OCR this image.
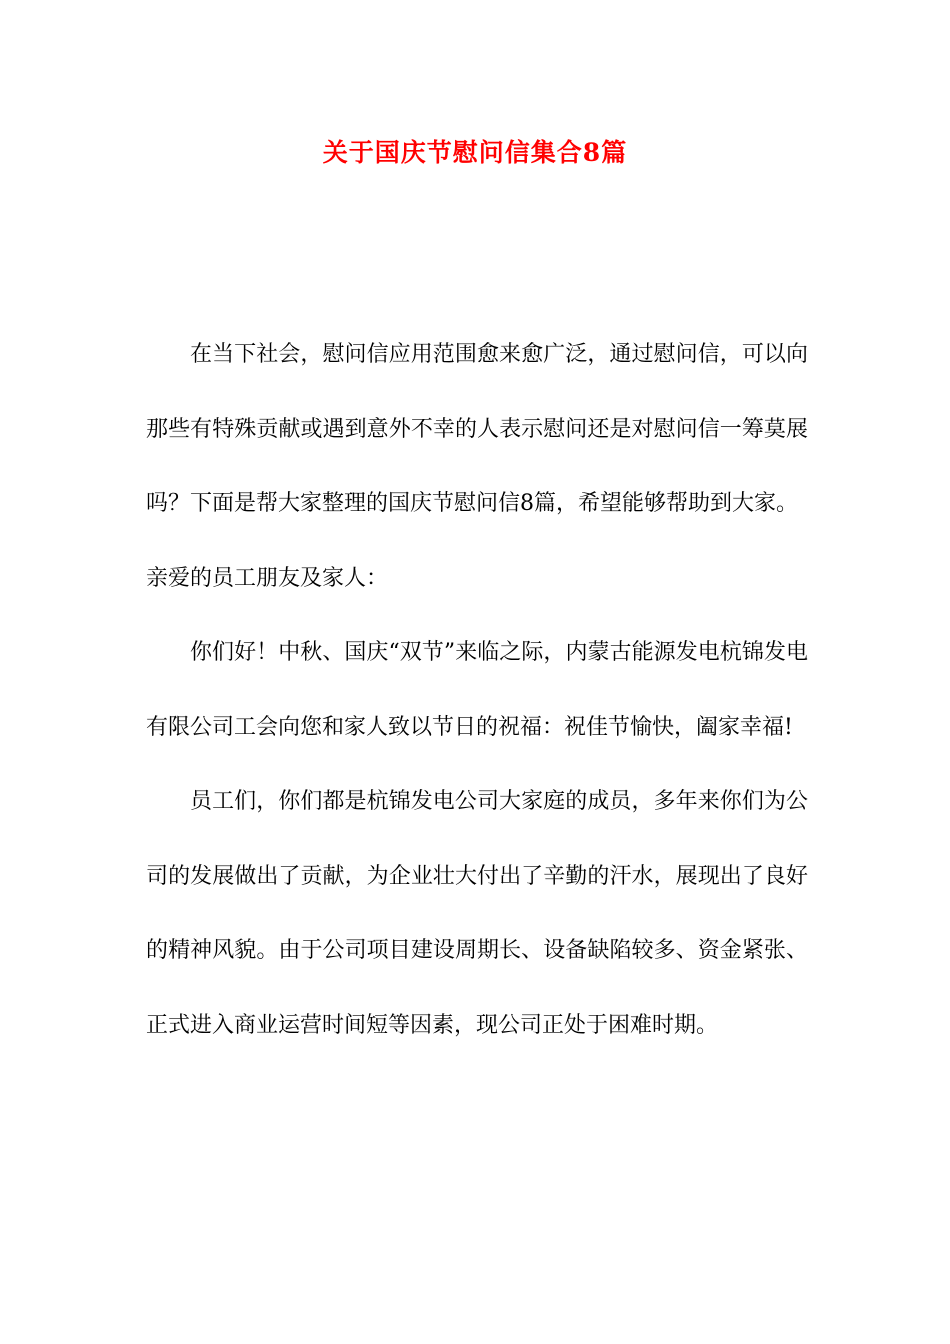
关于国庆节慰问信集合8篇

在当下社会，慰问信应用范围愈来愈广泛，通过慰问信，可以向那些有特殊贡献或遇到意外不幸的人表示慰问还是对慰问信一筹莫展吗？下面是帮大家整理的国庆节慰问信8篇，希望能够帮助到大家。

亲爱的员工朋友及家人：

你们好！中秋、国庆“双节”来临之际，内蒙古能源发电杭锦发电有限公司工会向您和家人致以节日的祝福：祝佳节愉快，阖家幸福!

员工们，你们都是杭锦发电公司大家庭的成员，多年来你们为公司的发展做出了贡献，为企业壮大付出了辛勤的汗水，展现出了良好的精神风貌。由于公司项目建设周期长、设备缺陷较多、资金紧张、正式进入商业运营时间短等因素，现公司正处于困难时期。
